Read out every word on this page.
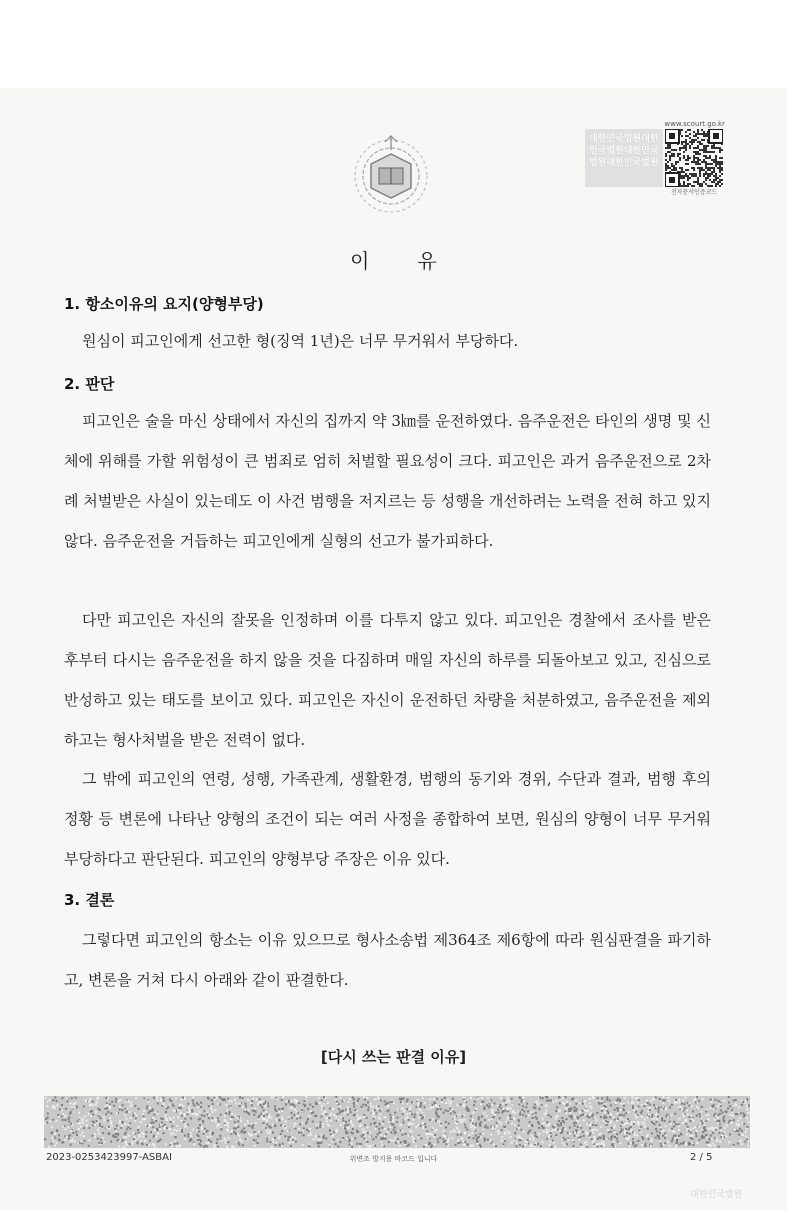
www.scourt.go.kr
대한민국법원대한민국법원대한민국법원대한민국법원
전자문서인증코드
이유
1. 항소이유의 요지(양형부당)
원심이 피고인에게 선고한 형(징역 1년)은 너무 무거워서 부당하다.
2. 판단
피고인은 술을 마신 상태에서 자신의 집까지 약 3㎞를 운전하였다. 음주운전은 타인의 생명 및 신체에 위해를 가할 위험성이 큰 범죄로 엄히 처벌할 필요성이 크다. 피고인은 과거 음주운전으로 2차례 처벌받은 사실이 있는데도 이 사건 범행을 저지르는 등 성행을 개선하려는 노력을 전혀 하고 있지 않다. 음주운전을 거듭하는 피고인에게 실형의 선고가 불가피하다.
다만 피고인은 자신의 잘못을 인정하며 이를 다투지 않고 있다. 피고인은 경찰에서 조사를 받은 후부터 다시는 음주운전을 하지 않을 것을 다짐하며 매일 자신의 하루를 되돌아보고 있고, 진심으로 반성하고 있는 태도를 보이고 있다. 피고인은 자신이 운전하던 차량을 처분하였고, 음주운전을 제외하고는 형사처벌을 받은 전력이 없다.
그 밖에 피고인의 연령, 성행, 가족관계, 생활환경, 범행의 동기와 경위, 수단과 결과, 범행 후의 정황 등 변론에 나타난 양형의 조건이 되는 여러 사정을 종합하여 보면, 원심의 양형이 너무 무거워 부당하다고 판단된다. 피고인의 양형부당 주장은 이유 있다.
3. 결론
그렇다면 피고인의 항소는 이유 있으므로 형사소송법 제364조 제6항에 따라 원심판결을 파기하고, 변론을 거쳐 다시 아래와 같이 판결한다.
[다시 쓰는 판결 이유]
2023-0253423997-ASBAI	위변조 방지용 바코드 입니다	2 / 5
대한민국법원
